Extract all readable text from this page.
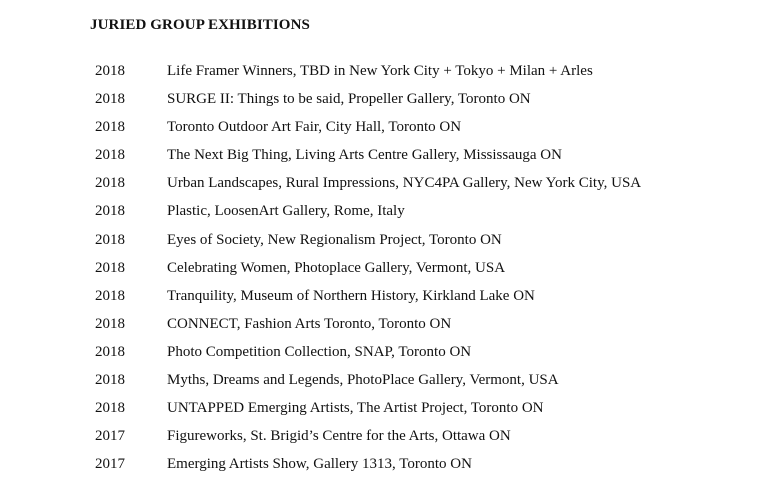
JURIED GROUP EXHIBITIONS
2018	Life Framer Winners, TBD in New York City + Tokyo + Milan + Arles
2018	SURGE II: Things to be said, Propeller Gallery, Toronto ON
2018	Toronto Outdoor Art Fair, City Hall, Toronto ON
2018	The Next Big Thing, Living Arts Centre Gallery, Mississauga ON
2018	Urban Landscapes, Rural Impressions, NYC4PA Gallery, New York City, USA
2018	Plastic, LoosenArt Gallery, Rome, Italy
2018	Eyes of Society, New Regionalism Project, Toronto ON
2018	Celebrating Women, Photoplace Gallery, Vermont, USA
2018	Tranquility, Museum of Northern History, Kirkland Lake ON
2018	CONNECT, Fashion Arts Toronto, Toronto ON
2018	Photo Competition Collection, SNAP, Toronto ON
2018	Myths, Dreams and Legends, PhotoPlace Gallery, Vermont, USA
2018	UNTAPPED Emerging Artists, The Artist Project, Toronto ON
2017	Figureworks, St. Brigid’s Centre for the Arts, Ottawa ON
2017	Emerging Artists Show, Gallery 1313, Toronto ON
